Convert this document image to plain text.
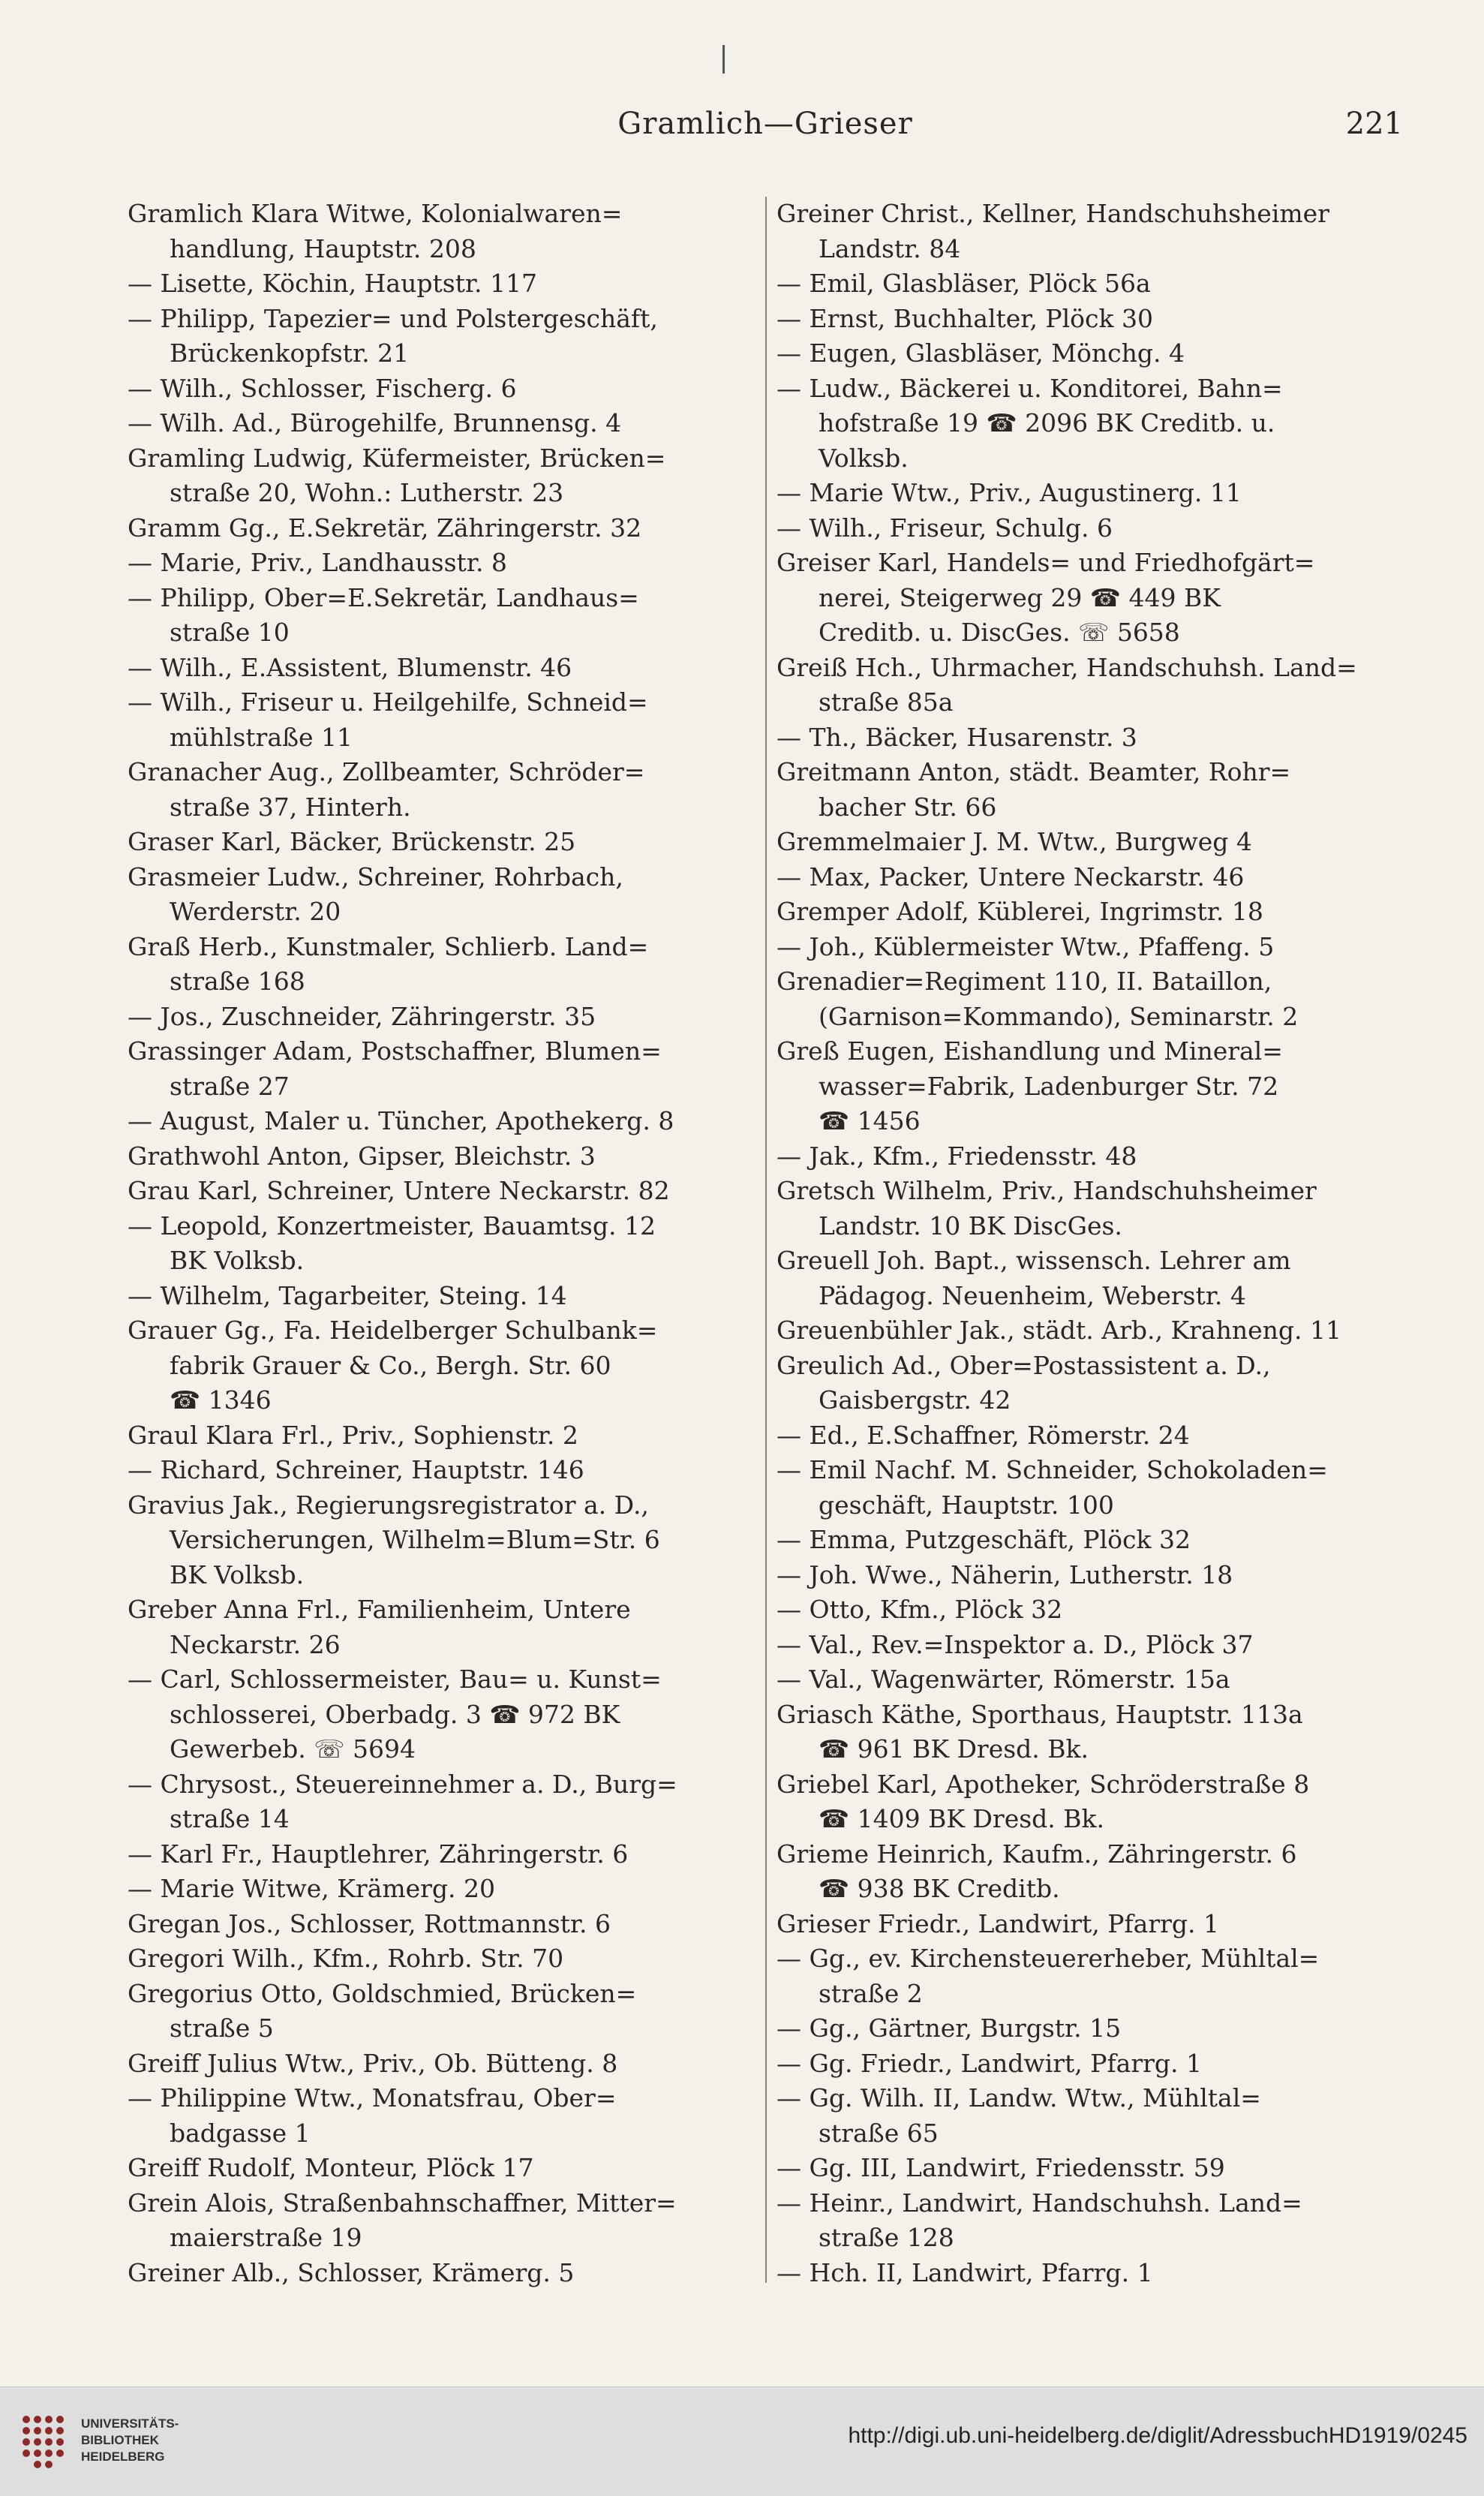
Gramlich—Grieser	221
Gramlich Klara Witwe, Kolonialwaren=
handlung, Hauptstr. 208
— Lisette, Köchin, Hauptstr. 117
— Philipp, Tapezier= und Polstergeschäft,
Brückenkopfstr. 21
— Wilh., Schlosser, Fischerg. 6
— Wilh. Ad., Bürogehilfe, Brunnensg. 4
Gramling Ludwig, Küfermeister, Brücken=
straße 20, Wohn.: Lutherstr. 23
Gramm Gg., E.Sekretär, Zähringerstr. 32
— Marie, Priv., Landhausstr. 8
— Philipp, Ober=E.Sekretär, Landhaus=
straße 10
— Wilh., E.Assistent, Blumenstr. 46
— Wilh., Friseur u. Heilgehilfe, Schneid=
mühlstraße 11
Granacher Aug., Zollbeamter, Schröder=
straße 37, Hinterh.
Graser Karl, Bäcker, Brückenstr. 25
Grasmeier Ludw., Schreiner, Rohrbach,
Werderstr. 20
Graß Herb., Kunstmaler, Schlierb. Land=
straße 168
— Jos., Zuschneider, Zähringerstr. 35
Grassinger Adam, Postschaffner, Blumen=
straße 27
— August, Maler u. Tüncher, Apothekerg. 8
Grathwohl Anton, Gipser, Bleichstr. 3
Grau Karl, Schreiner, Untere Neckarstr. 82
— Leopold, Konzertmeister, Bauamtsg. 12
BK Volksb.
— Wilhelm, Tagarbeiter, Steing. 14
Grauer Gg., Fa. Heidelberger Schulbank=
fabrik Grauer & Co., Bergh. Str. 60
☎ 1346
Graul Klara Frl., Priv., Sophienstr. 2
— Richard, Schreiner, Hauptstr. 146
Gravius Jak., Regierungsregistrator a. D.,
Versicherungen, Wilhelm=Blum=Str. 6
BK Volksb.
Greber Anna Frl., Familienheim, Untere
Neckarstr. 26
— Carl, Schlossermeister, Bau= u. Kunst=
schlosserei, Oberbadg. 3 ☎ 972 BK
Gewerbeb. ☏ 5694
— Chrysost., Steuereinnehmer a. D., Burg=
straße 14
— Karl Fr., Hauptlehrer, Zähringerstr. 6
— Marie Witwe, Krämerg. 20
Gregan Jos., Schlosser, Rottmannstr. 6
Gregori Wilh., Kfm., Rohrb. Str. 70
Gregorius Otto, Goldschmied, Brücken=
straße 5
Greiff Julius Wtw., Priv., Ob. Bütteng. 8
— Philippine Wtw., Monatsfrau, Ober=
badgasse 1
Greiff Rudolf, Monteur, Plöck 17
Grein Alois, Straßenbahnschaffner, Mitter=
maierstraße 19
Greiner Alb., Schlosser, Krämerg. 5
Greiner Christ., Kellner, Handschuhsheimer
Landstr. 84
— Emil, Glasbläser, Plöck 56a
— Ernst, Buchhalter, Plöck 30
— Eugen, Glasbläser, Mönchg. 4
— Ludw., Bäckerei u. Konditorei, Bahn=
hofstraße 19 ☎ 2096 BK Creditb. u.
Volksb.
— Marie Wtw., Priv., Augustinerg. 11
— Wilh., Friseur, Schulg. 6
Greiser Karl, Handels= und Friedhofgärt=
nerei, Steigerweg 29 ☎ 449 BK
Creditb. u. DiscGes. ☏ 5658
Greiß Hch., Uhrmacher, Handschuhsh. Land=
straße 85a
— Th., Bäcker, Husarenstr. 3
Greitmann Anton, städt. Beamter, Rohr=
bacher Str. 66
Gremmelmaier J. M. Wtw., Burgweg 4
— Max, Packer, Untere Neckarstr. 46
Gremper Adolf, Küblerei, Ingrimstr. 18
— Joh., Küblermeister Wtw., Pfaffeng. 5
Grenadier=Regiment 110, II. Bataillon,
(Garnison=Kommando), Seminarstr. 2
Greß Eugen, Eishandlung und Mineral=
wasser=Fabrik, Ladenburger Str. 72
☎ 1456
— Jak., Kfm., Friedensstr. 48
Gretsch Wilhelm, Priv., Handschuhsheimer
Landstr. 10 BK DiscGes.
Greuell Joh. Bapt., wissensch. Lehrer am
Pädagog. Neuenheim, Weberstr. 4
Greuenbühler Jak., städt. Arb., Krahneng. 11
Greulich Ad., Ober=Postassistent a. D.,
Gaisbergstr. 42
— Ed., E.Schaffner, Römerstr. 24
— Emil Nachf. M. Schneider, Schokoladen=
geschäft, Hauptstr. 100
— Emma, Putzgeschäft, Plöck 32
— Joh. Wwe., Näherin, Lutherstr. 18
— Otto, Kfm., Plöck 32
— Val., Rev.=Inspektor a. D., Plöck 37
— Val., Wagenwärter, Römerstr. 15a
Griasch Käthe, Sporthaus, Hauptstr. 113a
☎ 961 BK Dresd. Bk.
Griebel Karl, Apotheker, Schröderstraße 8
☎ 1409 BK Dresd. Bk.
Grieme Heinrich, Kaufm., Zähringerstr. 6
☎ 938 BK Creditb.
Grieser Friedr., Landwirt, Pfarrg. 1
— Gg., ev. Kirchensteuererheber, Mühltal=
straße 2
— Gg., Gärtner, Burgstr. 15
— Gg. Friedr., Landwirt, Pfarrg. 1
— Gg. Wilh. II, Landw. Wtw., Mühltal=
straße 65
— Gg. III, Landwirt, Friedensstr. 59
— Heinr., Landwirt, Handschuhsh. Land=
straße 128
— Hch. II, Landwirt, Pfarrg. 1
UNIVERSITÄTS-
BIBLIOTHEK
HEIDELBERG
http://digi.ub.uni-heidelberg.de/diglit/AdressbuchHD1919/0245
